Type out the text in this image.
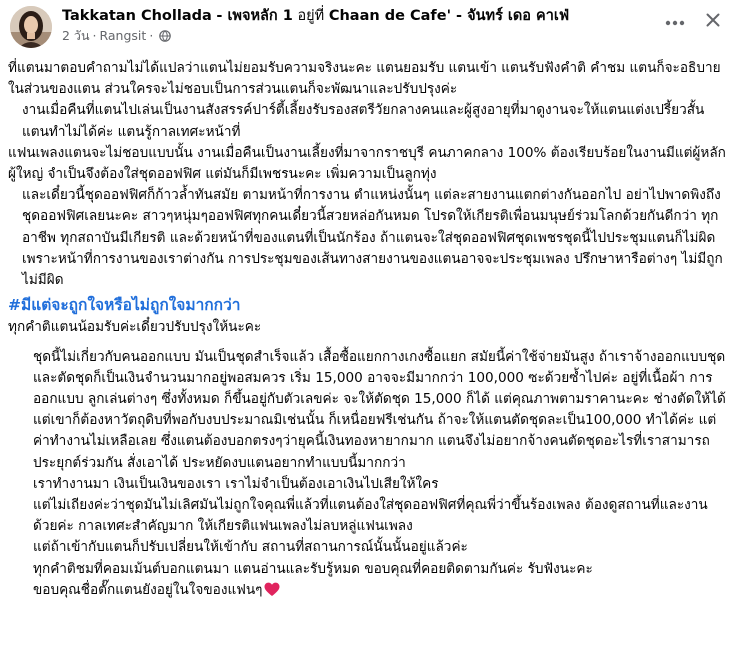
Takkatan Chollada - เพจหลัก 1 อยู่ที่ Chaan de Cafe' - จันทร์ เดอ คาเฟ่
2 วัน · Rangsit ·

ที่แตนมาตอบคำถามไม่ได้แปลว่าแตนไม่ยอมรับความจริงนะคะ แตนยอมรับ แตนเข้า แตนรับฟังคำติ คำชม แตนก็จะอธิบายในส่วนของแตน ส่วนใครจะไม่ชอบเป็นการส่วนแตนก็จะพัฒนาและปรับปรุงค่ะ

งานเมื่อคืนที่แตนไปเล่นเป็นงานสังสรรค์ปาร์ตี้เลี้ยงรับรองสตรีวัยกลางคนและผู้สูงอายุที่มาดูงานจะให้แตนแต่งเปรี้ยวสั้น แตนทำไม่ได้ค่ะ แตนรู้กาลเทศะหน้าที่

แฟนเพลงแตนจะไม่ชอบแบบนั้น งานเมื่อคืนเป็นงานเลี้ยงที่มาจากราชบุรี คนภาคกลาง 100% ต้องเรียบร้อยในงานมีแต่ผู้หลักผู้ใหญ่ จำเป็นจึงต้องใส่ชุดออฟฟิศ แต่มันก็มีเพชรนะคะ เพิ่มความเป็นลูกทุ่ง

และเดี๋ยวนี้ชุดออฟฟิศก็ก้าวล้ำทันสมัย ตามหน้าที่การงาน ตำแหน่งนั้นๆ แต่ละสายงานแตกต่างกันออกไป อย่าไปพาดพิงถึงชุดออฟฟิศเลยนะคะ สาวๆหนุ่มๆออฟฟิศทุกคนเดี๋ยวนี้สวยหล่อกันหมด โปรดให้เกียรติเพื่อนมนุษย์ร่วมโลกด้วยกันดีกว่า ทุกอาชีพ ทุกสถาบันมีเกียรติ และด้วยหน้าที่ของแตนที่เป็นนักร้อง ถ้าแตนจะใส่ชุดออฟฟิศชุดเพชรชุดนี้ไปประชุมแตนก็ไม่ผิด เพราะหน้าที่การงานของเราต่างกัน การประชุมของเส้นทางสายงานของแตนอาจจะประชุมเพลง ปรึกษาหารือต่างๆ ไม่มีถูก ไม่มีผิด

#มีแต่จะถูกใจหรือไม่ถูกใจมากกว่า

ทุกคำติแตนน้อมรับค่ะเดี๋ยวปรับปรุงให้นะคะ

ชุดนี้ไม่เกี่ยวกับคนออกแบบ มันเป็นชุดสำเร็จแล้ว เสื้อซื้อแยกกางเกงซื้อแยก สมัยนี้ค่าใช้จ่ายมันสูง ถ้าเราจ้างออกแบบชุดและตัดชุดก็เป็นเงินจำนวนมากอยู่พอสมควร เริ่ม 15,000 อาจจะมีมากกว่า 100,000 ซะด้วยซ้ำไปค่ะ อยู่ที่เนื้อผ้า การออกแบบ ลูกเล่นต่างๆ ซึ่งทั้งหมด ก็ขึ้นอยู่กับตัวเลขค่ะ จะให้ตัดชุด 15,000 ก็ได้ แต่คุณภาพตามราคานะคะ ช่างตัดให้ได้ แต่เขาก็ต้องหาวัตถุดิบที่พอกับงบประมาณมิเช่นนั้น ก็เหนื่อยฟรีเช่นกัน ถ้าจะให้แตนตัดชุดละเป็น100,000 ทำได้ค่ะ แต่ค่าทำงานไม่เหลือเลย ซึ่งแตนต้องบอกตรงๆว่ายุคนี้เงินทองหายากมาก แตนจึงไม่อยากจ้างคนตัดชุดอะไรที่เราสามารถประยุกต์ร่วมกัน สั่งเอาได้ ประหยัดงบแตนอยากทำแบบนี้มากกว่า

เราทำงานมา เงินเป็นเงินของเรา เราไม่จำเป็นต้องเอาเงินไปเสียให้ใคร

แต่ไม่เถียงค่ะว่าชุดมันไม่เลิศมันไม่ถูกใจคุณพี่แล้วที่แตนต้องใส่ชุดออฟฟิศที่คุณพี่ว่าขึ้นร้องเพลง ต้องดูสถานที่และงานด้วยค่ะ กาลเทศะสำคัญมาก ให้เกียรติแฟนเพลงไม่ลบหลู่แฟนเพลง

แต่ถ้าเข้ากับแตนก็ปรับเปลี่ยนให้เข้ากับ สถานที่สถานการณ์นั้นนั้นอยู่แล้วค่ะ

ทุกคำติชมที่คอมเม้นต์บอกแตนมา แตนอ่านและรับรู้หมด ขอบคุณที่คอยติดตามกันค่ะ รับฟังนะคะ

ขอบคุณชื่อตั๊กแตนยังอยู่ในใจของแฟนๆ
